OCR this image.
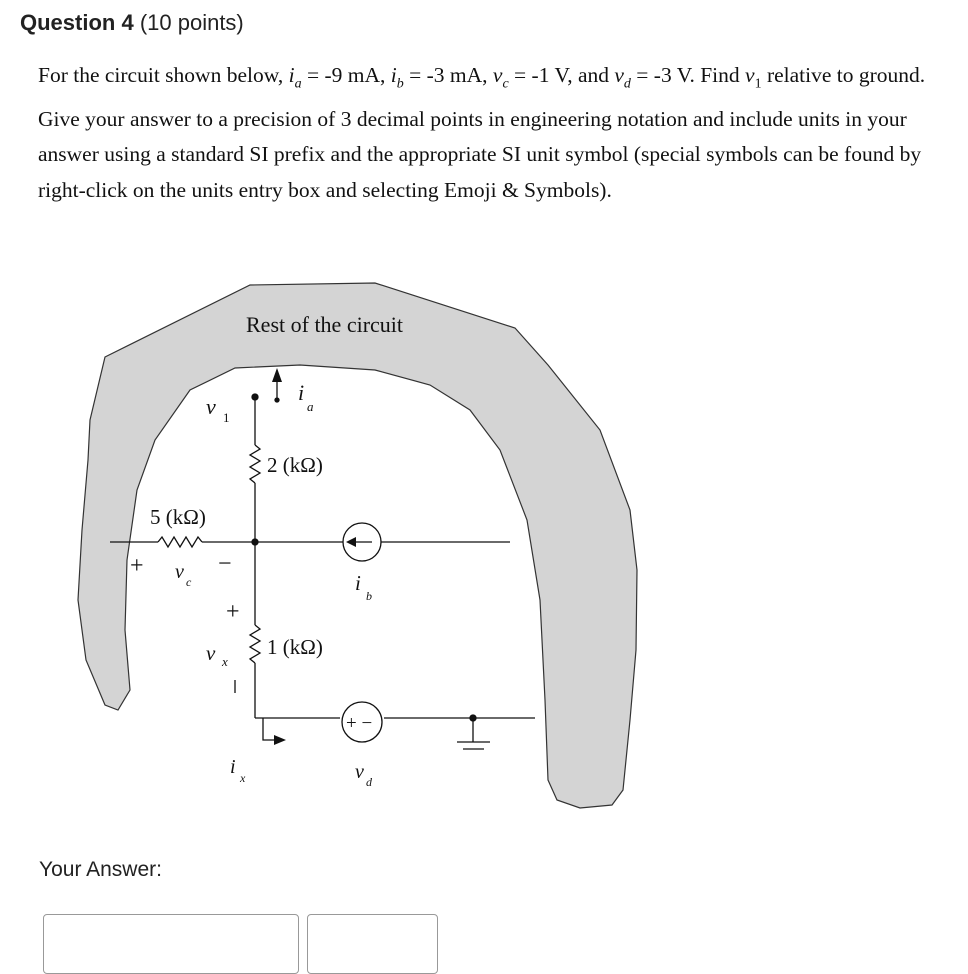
Question 4 (10 points)

For the circuit shown below, $i_a = -9$ mA, $i_b = -3$ mA, $v_c = -1$ V, and $v_d = -3$ V. Find $v_1$ relative to ground. Give your answer to a precision of 3 decimal points in engineering notation and include units in your answer using a standard SI prefix and the appropriate SI unit symbol (special symbols can be found by right-click on the units entry box and selecting Emoji & Symbols).

Rest of the circuit
v 1
i
a
2 (kΩ)
5 (kΩ)
+ v c
−
i
b
+
v x
1 (kΩ)
+ −
v d
i x
Your Answer:
